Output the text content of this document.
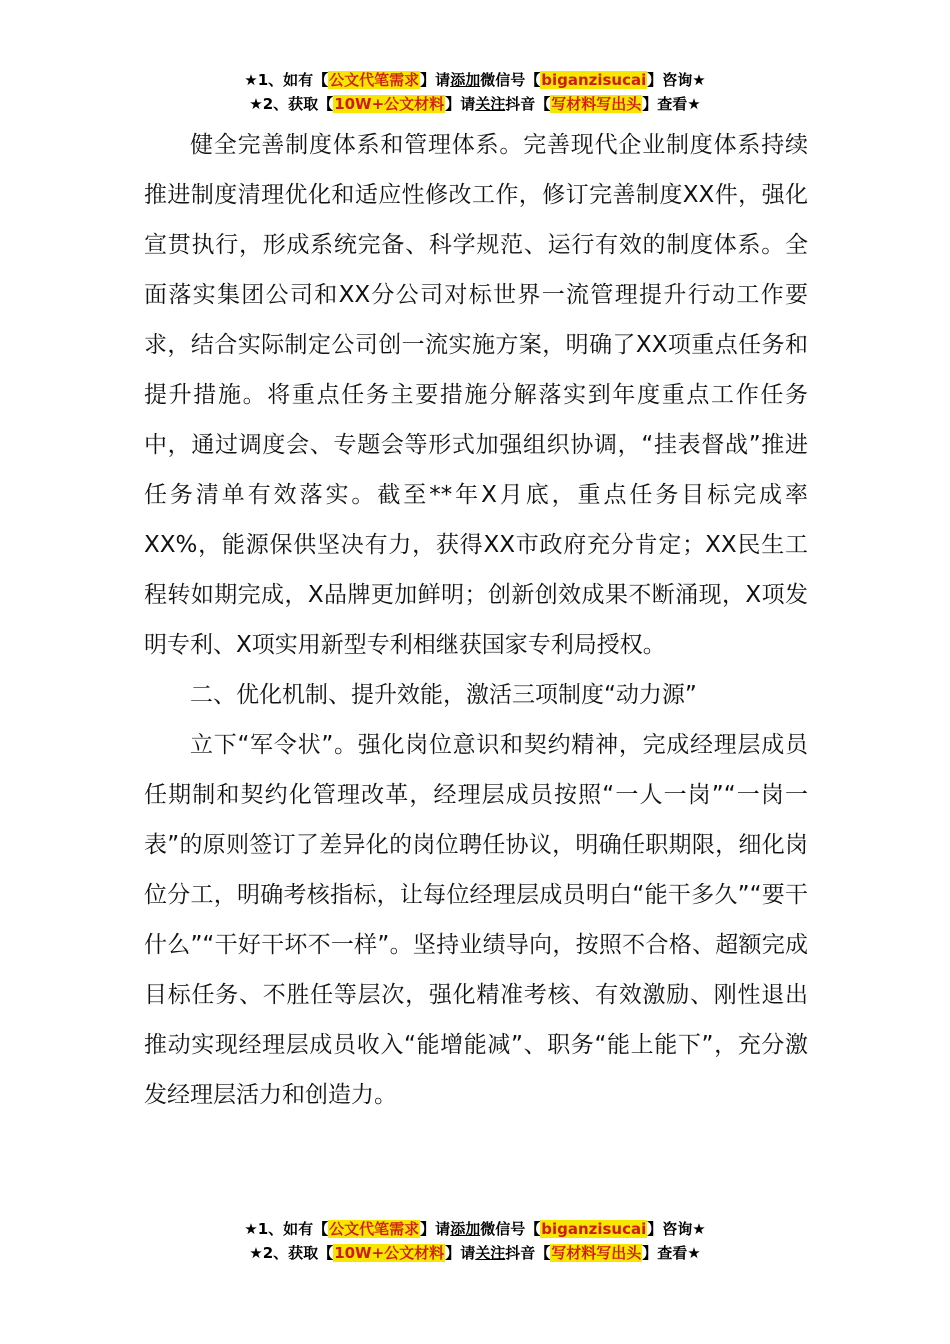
★1、如有【公文代笔需求】请添加微信号【biganzisucai】咨询★
★2、获取【10W+公文材料】请关注抖音【写材料写出头】查看★

健全完善制度体系和管理体系。完善现代企业制度体系持续推进制度清理优化和适应性修改工作，修订完善制度XX件，强化宣贯执行，形成系统完备、科学规范、运行有效的制度体系。全面落实集团公司和XX分公司对标世界一流管理提升行动工作要求，结合实际制定公司创一流实施方案，明确了XX项重点任务和提升措施。将重点任务主要措施分解落实到年度重点工作任务中，通过调度会、专题会等形式加强组织协调，“挂表督战”推进任务清单有效落实。截至**年X月底，重点任务目标完成率XX%，能源保供坚决有力，获得XX市政府充分肯定；XX民生工程转如期完成，X品牌更加鲜明；创新创效成果不断涌现，X项发明专利、X项实用新型专利相继获国家专利局授权。

二、优化机制、提升效能，激活三项制度“动力源”

立下“军令状”。强化岗位意识和契约精神，完成经理层成员任期制和契约化管理改革，经理层成员按照“一人一岗”“一岗一表”的原则签订了差异化的岗位聘任协议，明确任职期限，细化岗位分工，明确考核指标，让每位经理层成员明白“能干多久”“要干什么”“干好干坏不一样”。坚持业绩导向，按照不合格、超额完成目标任务、不胜任等层次，强化精准考核、有效激励、刚性退出推动实现经理层成员收入“能增能减”、职务“能上能下”，充分激发经理层活力和创造力。

★1、如有【公文代笔需求】请添加微信号【biganzisucai】咨询★
★2、获取【10W+公文材料】请关注抖音【写材料写出头】查看★
